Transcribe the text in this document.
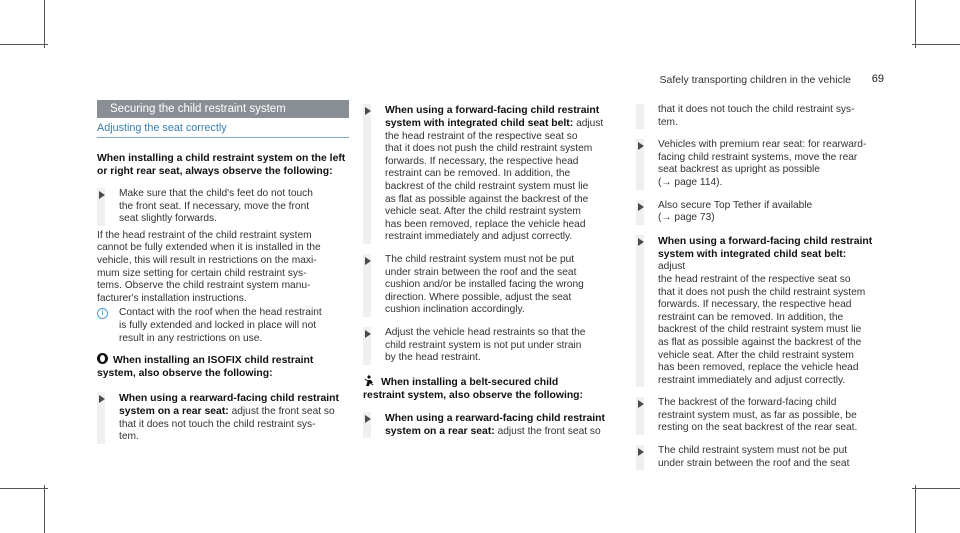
Safely transporting children in the vehicle 69
Securing the child restraint system
Adjusting the seat correctly
When installing a child restraint system on the left
or right rear seat, always observe the following:

Make sure that the child's feet do not touch

the front seat. If necessary, move the front

seat slightly forwards.

If the head restraint of the child restraint system

cannot be fully extended when it is installed in the

vehicle, this will result in restrictions on the maxi-

mum size setting for certain child restraint sys-

tems. Observe the child restraint system manu-

facturer's installation instructions.

i	Contact with the roof when the head restraint

is fully extended and locked in place will not

result in any restrictions on use.

When installing an ISOFIX child restraint
system, also observe the following:
When using a rearward-facing child restraint

system on a rear seat: adjust the front seat so

that it does not touch the child restraint sys-

tem.

When using a forward-facing child restraint

system with integrated child seat belt: adjust

the head restraint of the respective seat so

that it does not push the child restraint system

forwards. If necessary, the respective head

restraint can be removed. In addition, the

backrest of the child restraint system must lie

as flat as possible against the backrest of the

vehicle seat. After the child restraint system

has been removed, replace the vehicle head

restraint immediately and adjust correctly.

The child restraint system must not be put

under strain between the roof and the seat

cushion and/or be installed facing the wrong

direction. Where possible, adjust the seat

cushion inclination accordingly.

Adjust the vehicle head restraints so that the

child restraint system is not put under strain

by the head restraint.

When installing a belt-secured child
restraint system, also observe the following:
When using a rearward-facing child restraint

system on a rear seat: adjust the front seat so

that it does not touch the child restraint sys-

tem.

Vehicles with premium rear seat: for rearward-

facing child restraint systems, move the rear

seat backrest as upright as possible

(→ page 114).

Also secure Top Tether if available

(→ page 73)

When using a forward-facing child restraint

system with integrated child seat belt: adjust

the head restraint of the respective seat so

that it does not push the child restraint system

forwards. If necessary, the respective head

restraint can be removed. In addition, the

backrest of the child restraint system must lie

as flat as possible against the backrest of the

vehicle seat. After the child restraint system

has been removed, replace the vehicle head

restraint immediately and adjust correctly.

The backrest of the forward-facing child

restraint system must, as far as possible, be

resting on the seat backrest of the rear seat.

The child restraint system must not be put

under strain between the roof and the seat
